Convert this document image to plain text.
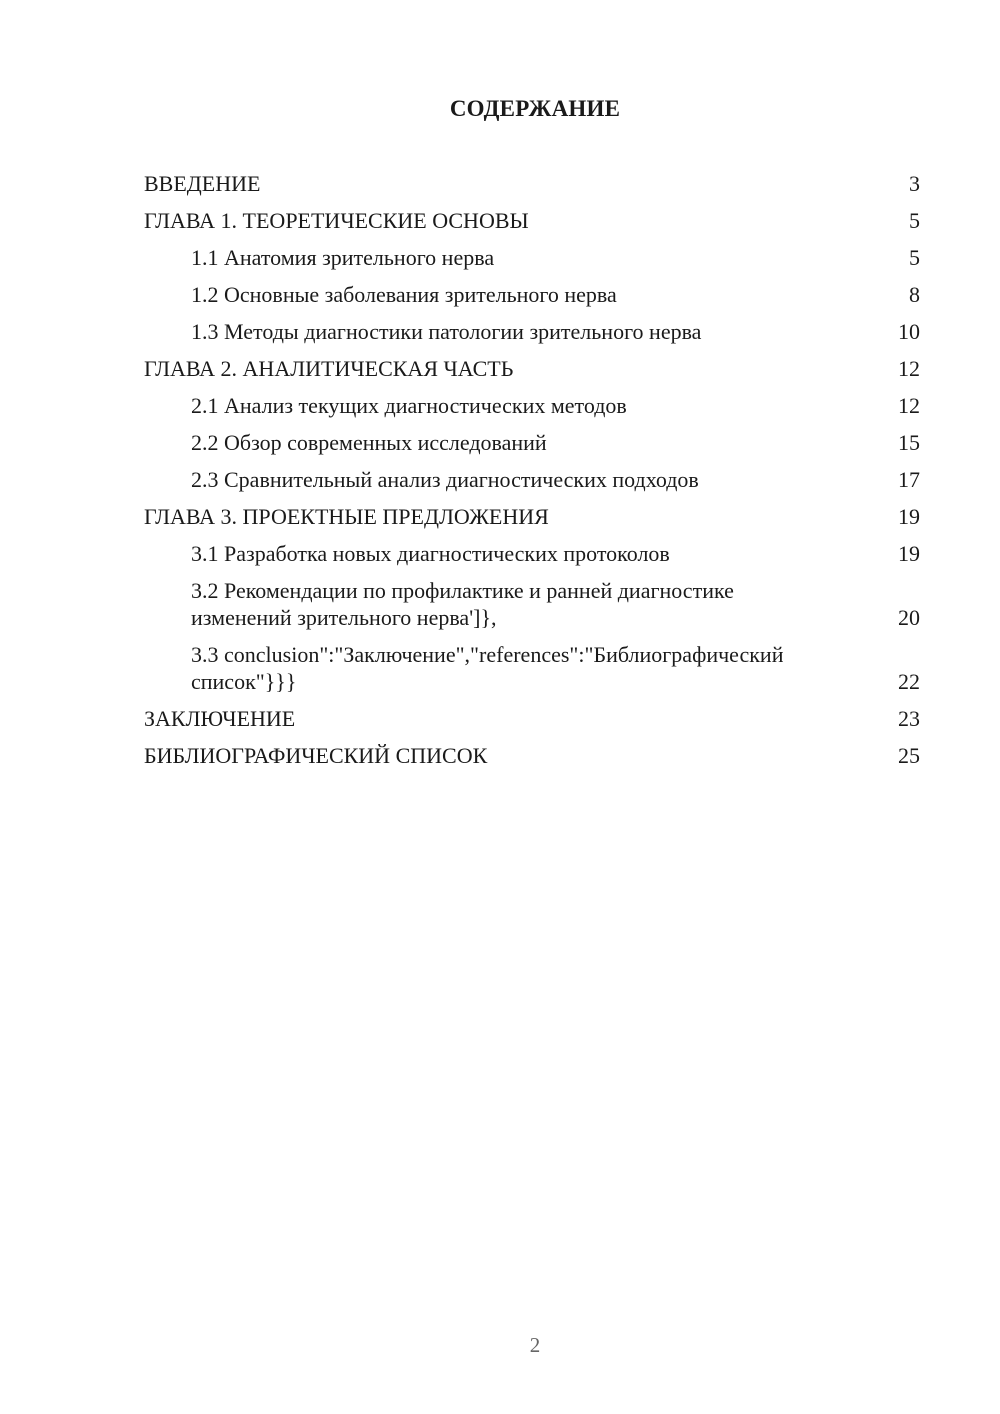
СОДЕРЖАНИЕ
ВВЕДЕНИЕ	3
ГЛАВА 1. ТЕОРЕТИЧЕСКИЕ ОСНОВЫ	5
1.1 Анатомия зрительного нерва	5
1.2 Основные заболевания зрительного нерва	8
1.3 Методы диагностики патологии зрительного нерва	10
ГЛАВА 2. АНАЛИТИЧЕСКАЯ ЧАСТЬ	12
2.1 Анализ текущих диагностических методов	12
2.2 Обзор современных исследований	15
2.3 Сравнительный анализ диагностических подходов	17
ГЛАВА 3. ПРОЕКТНЫЕ ПРЕДЛОЖЕНИЯ	19
3.1 Разработка новых диагностических протоколов	19
3.2 Рекомендации по профилактике и ранней диагностике изменений зрительного нерва']},	20
3.3 conclusion":"Заключение","references":"Библиографический список"}}}	22
ЗАКЛЮЧЕНИЕ	23
БИБЛИОГРАФИЧЕСКИЙ СПИСОК	25
2
